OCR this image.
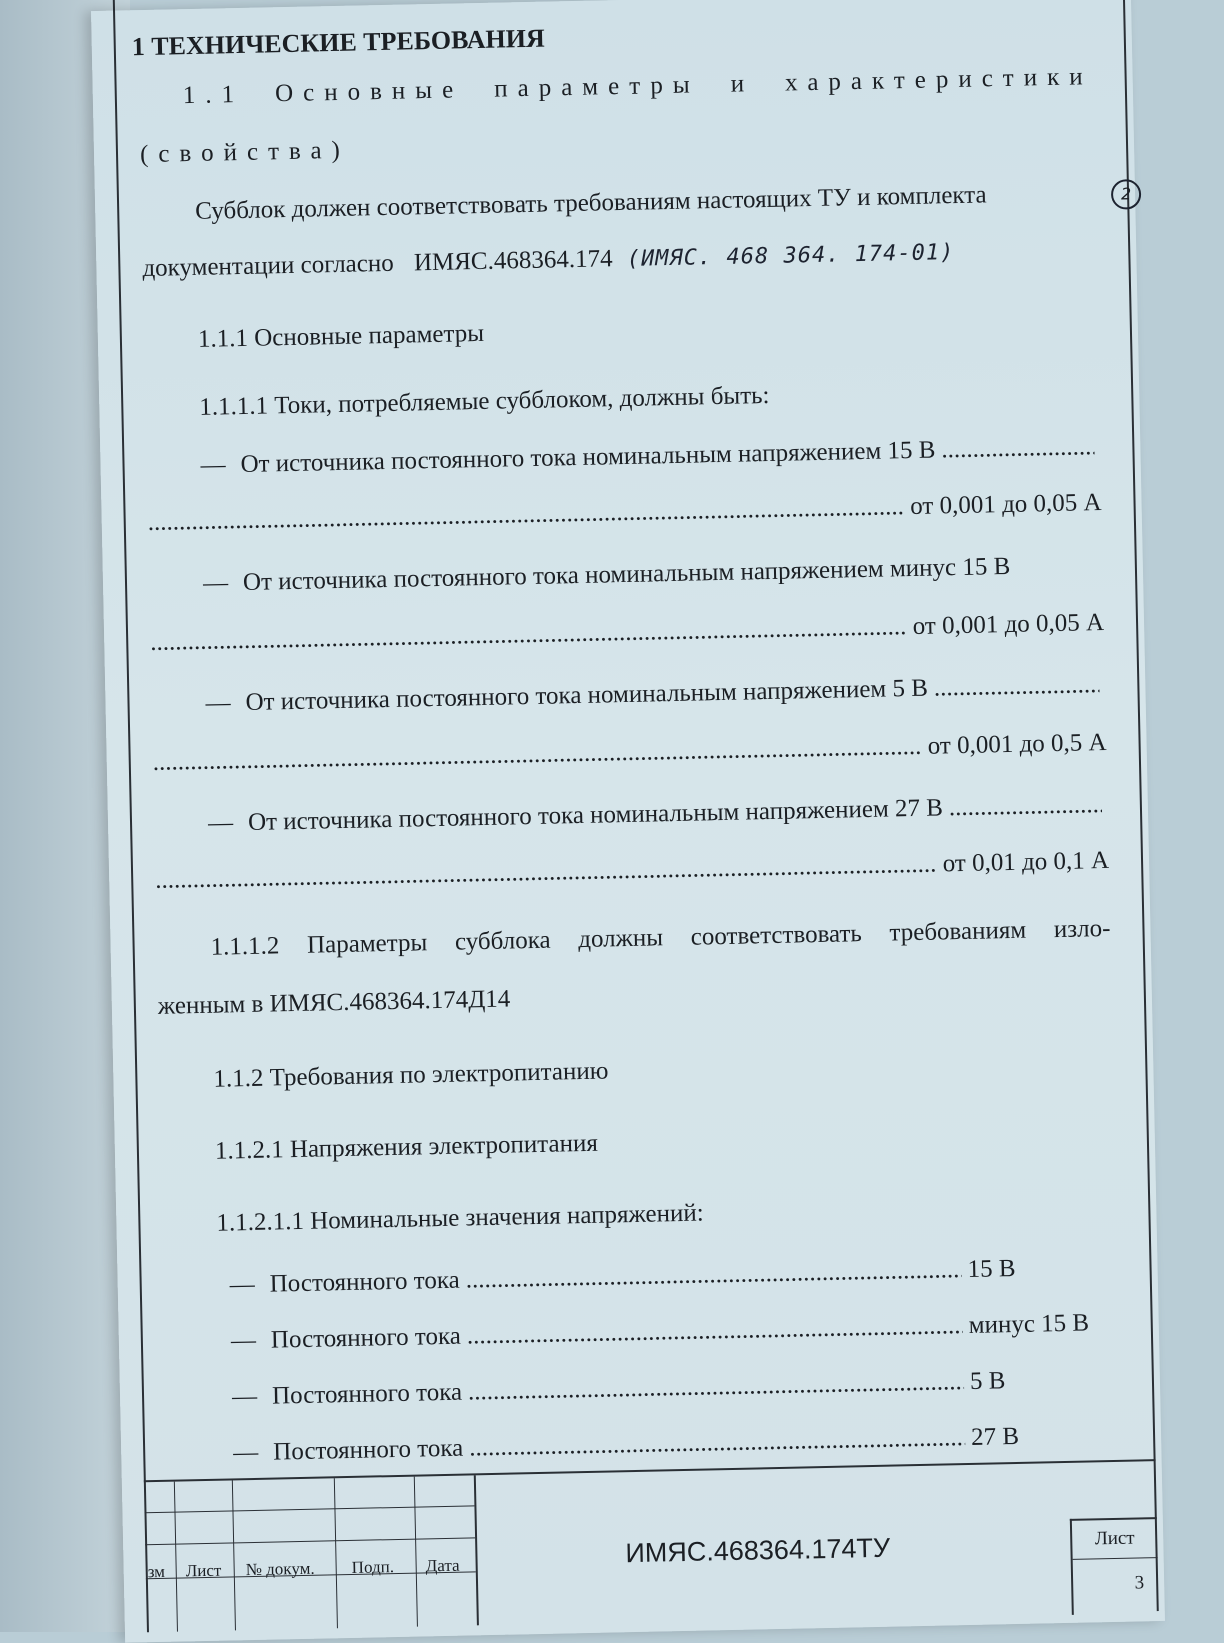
1 ТЕХНИЧЕСКИЕ ТРЕБОВАНИЯ
1.1 Основные параметры и характеристики
(свойства)
Субблок должен соответствовать требованиям настоящих ТУ и комплекта
документации согласно ИМЯС.468364.174 (ИМЯС. 468 364. 174-01)
1.1.1 Основные параметры
1.1.1.1 Токи, потребляемые субблоком, должны быть:
— От источника постоянного тока номинальным напряжением 15 В
.....
.....
от 0,001 до 0,05 А
— От источника постоянного тока номинальным напряжением минус 15 В
.....
от 0,001 до 0,05 А
— От источника постоянного тока номинальным напряжением 5 В
.....
.....
от 0,001 до 0,5 А
— От источника постоянного тока номинальным напряжением 27 В
.....
.....
от 0,01 до 0,1 А
1.1.1.2 Параметры субблока должны соответствовать требованиям изло-
женным в ИМЯС.468364.174Д14
1.1.2 Требования по электропитанию
1.1.2.1 Напряжения электропитания
1.1.2.1.1 Номинальные значения напряжений:
— Постоянного тока .....	15 В
— Постоянного тока .....	минус 15 В
— Постоянного тока .....	5 В
— Постоянного тока .....	27 В
2
зм Лист № докум. Подп. Дата	ИМЯС.468364.174ТУ	Лист
3
